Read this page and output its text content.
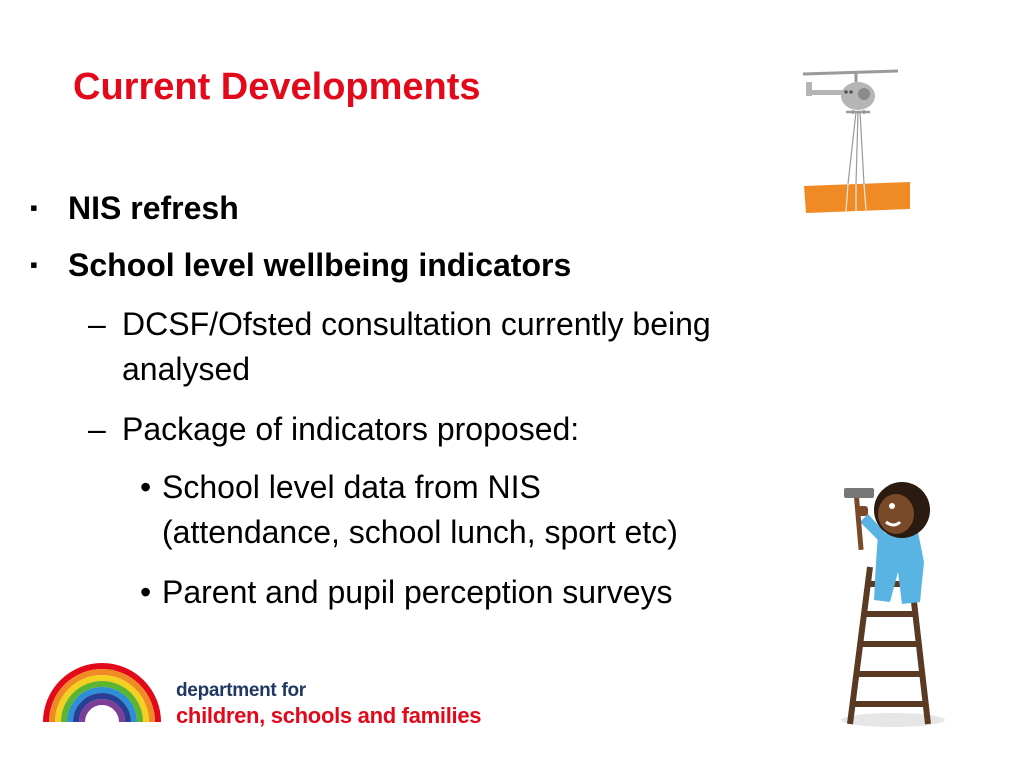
Current Developments
▪ NIS refresh
▪ School level wellbeing indicators
– DCSF/Ofsted consultation currently being
analysed
– Package of indicators proposed:
• School level data from NIS
(attendance, school lunch, sport etc)
• Parent and pupil perception surveys
department for
children, schools and families
